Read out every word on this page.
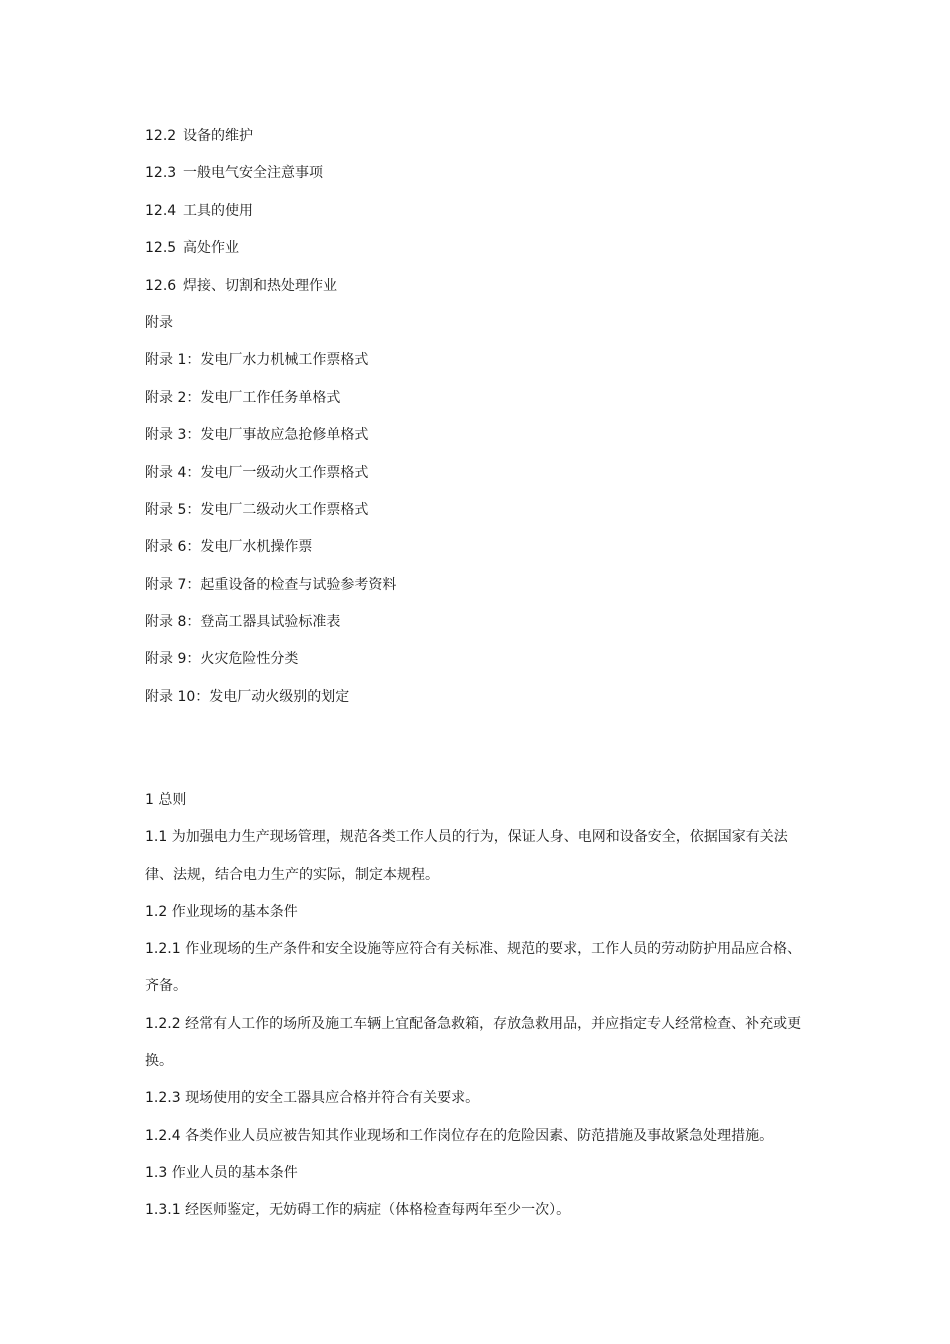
12.2 设备的维护
12.3 一般电气安全注意事项
12.4 工具的使用
12.5 高处作业
12.6 焊接、切割和热处理作业
附录
附录 1：发电厂水力机械工作票格式
附录 2：发电厂工作任务单格式
附录 3：发电厂事故应急抢修单格式
附录 4：发电厂一级动火工作票格式
附录 5：发电厂二级动火工作票格式
附录 6：发电厂水机操作票
附录 7：起重设备的检查与试验参考资料
附录 8：登高工器具试验标准表
附录 9：火灾危险性分类
附录 10：发电厂动火级别的划定

1 总则

1.1 为加强电力生产现场管理，规范各类工作人员的行为，保证人身、电网和设备安全，依据国家有关法律、法规，结合电力生产的实际，制定本规程。

1.2 作业现场的基本条件

1.2.1 作业现场的生产条件和安全设施等应符合有关标准、规范的要求，工作人员的劳动防护用品应合格、齐备。

1.2.2 经常有人工作的场所及施工车辆上宜配备急救箱，存放急救用品，并应指定专人经常检查、补充或更换。

1.2.3 现场使用的安全工器具应合格并符合有关要求。

1.2.4 各类作业人员应被告知其作业现场和工作岗位存在的危险因素、防范措施及事故紧急处理措施。

1.3 作业人员的基本条件

1.3.1 经医师鉴定，无妨碍工作的病症（体格检查每两年至少一次）。
